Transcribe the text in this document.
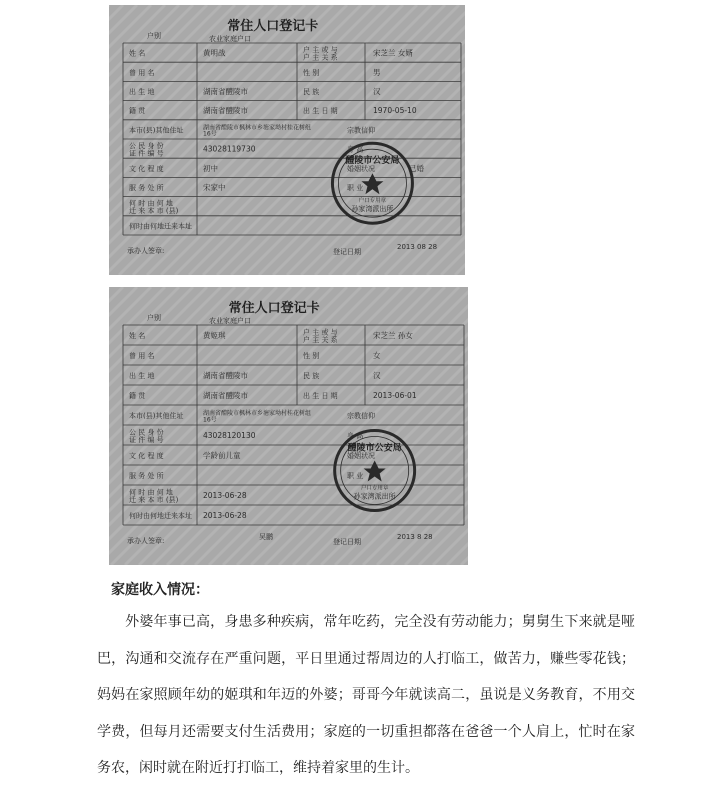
常住人口登记卡
户别	农业家庭户口
姓 名	黄明战	户 主 或 与户 主 关 系	宋芝兰 女婿
曾 用 名	性 别	男
出 生 地	湖南省醴陵市	民 族	汉
籍 贯	湖南省醴陵市	出 生 日 期	1970-05-10
本市(县)其他住址	湖南省醴陵市枫林市乡塘家坳村桂花树组 16号	宗教信仰
公 民 身 份证 件 编 号	43028119730	身 高
文 化 程 度	初中	婚姻状况	已婚
服 务 处 所	宋家中	职 业
何 时 由 何 地迁 来 本 市 (县)
何时由何地迁来本址
承办人签章:	登记日期
2013 08 28
醴陵市公安局
孙家湾派出所
户口专用章
常住人口登记卡
户别	农业家庭户口
姓 名	黄姬琪	户 主 或 与户 主 关 系	宋芝兰 孙女
曾 用 名	性 别	女
出 生 地	湖南省醴陵市	民 族	汉
籍 贯	湖南省醴陵市	出 生 日 期	2013-06-01
本市(县)其他住址	湖南省醴陵市枫林市乡塘家坳村桂花树组 16号	宗教信仰
公 民 身 份证 件 编 号	43028120130	身 高
文 化 程 度	学龄前儿童	婚姻状况
服 务 处 所	职 业
何 时 由 何 地迁 来 本 市 (县)	2013-06-28
何时由何地迁来本址 2013-06-28
承办人签章:	吴鹏
登记日期
2013 8 28
醴陵市公安局
孙家湾派出所
户口专用章
家庭收入情况：
外婆年事已高，身患多种疾病，常年吃药，完全没有劳动能力；舅舅生下来就是哑巴，沟通和交流存在严重问题，平日里通过帮周边的人打临工，做苦力，赚些零花钱；妈妈在家照顾年幼的姬琪和年迈的外婆；哥哥今年就读高二，虽说是义务教育，不用交学费，但每月还需要支付生活费用；家庭的一切重担都落在爸爸一个人肩上，忙时在家务农，闲时就在附近打打临工，维持着家里的生计。
